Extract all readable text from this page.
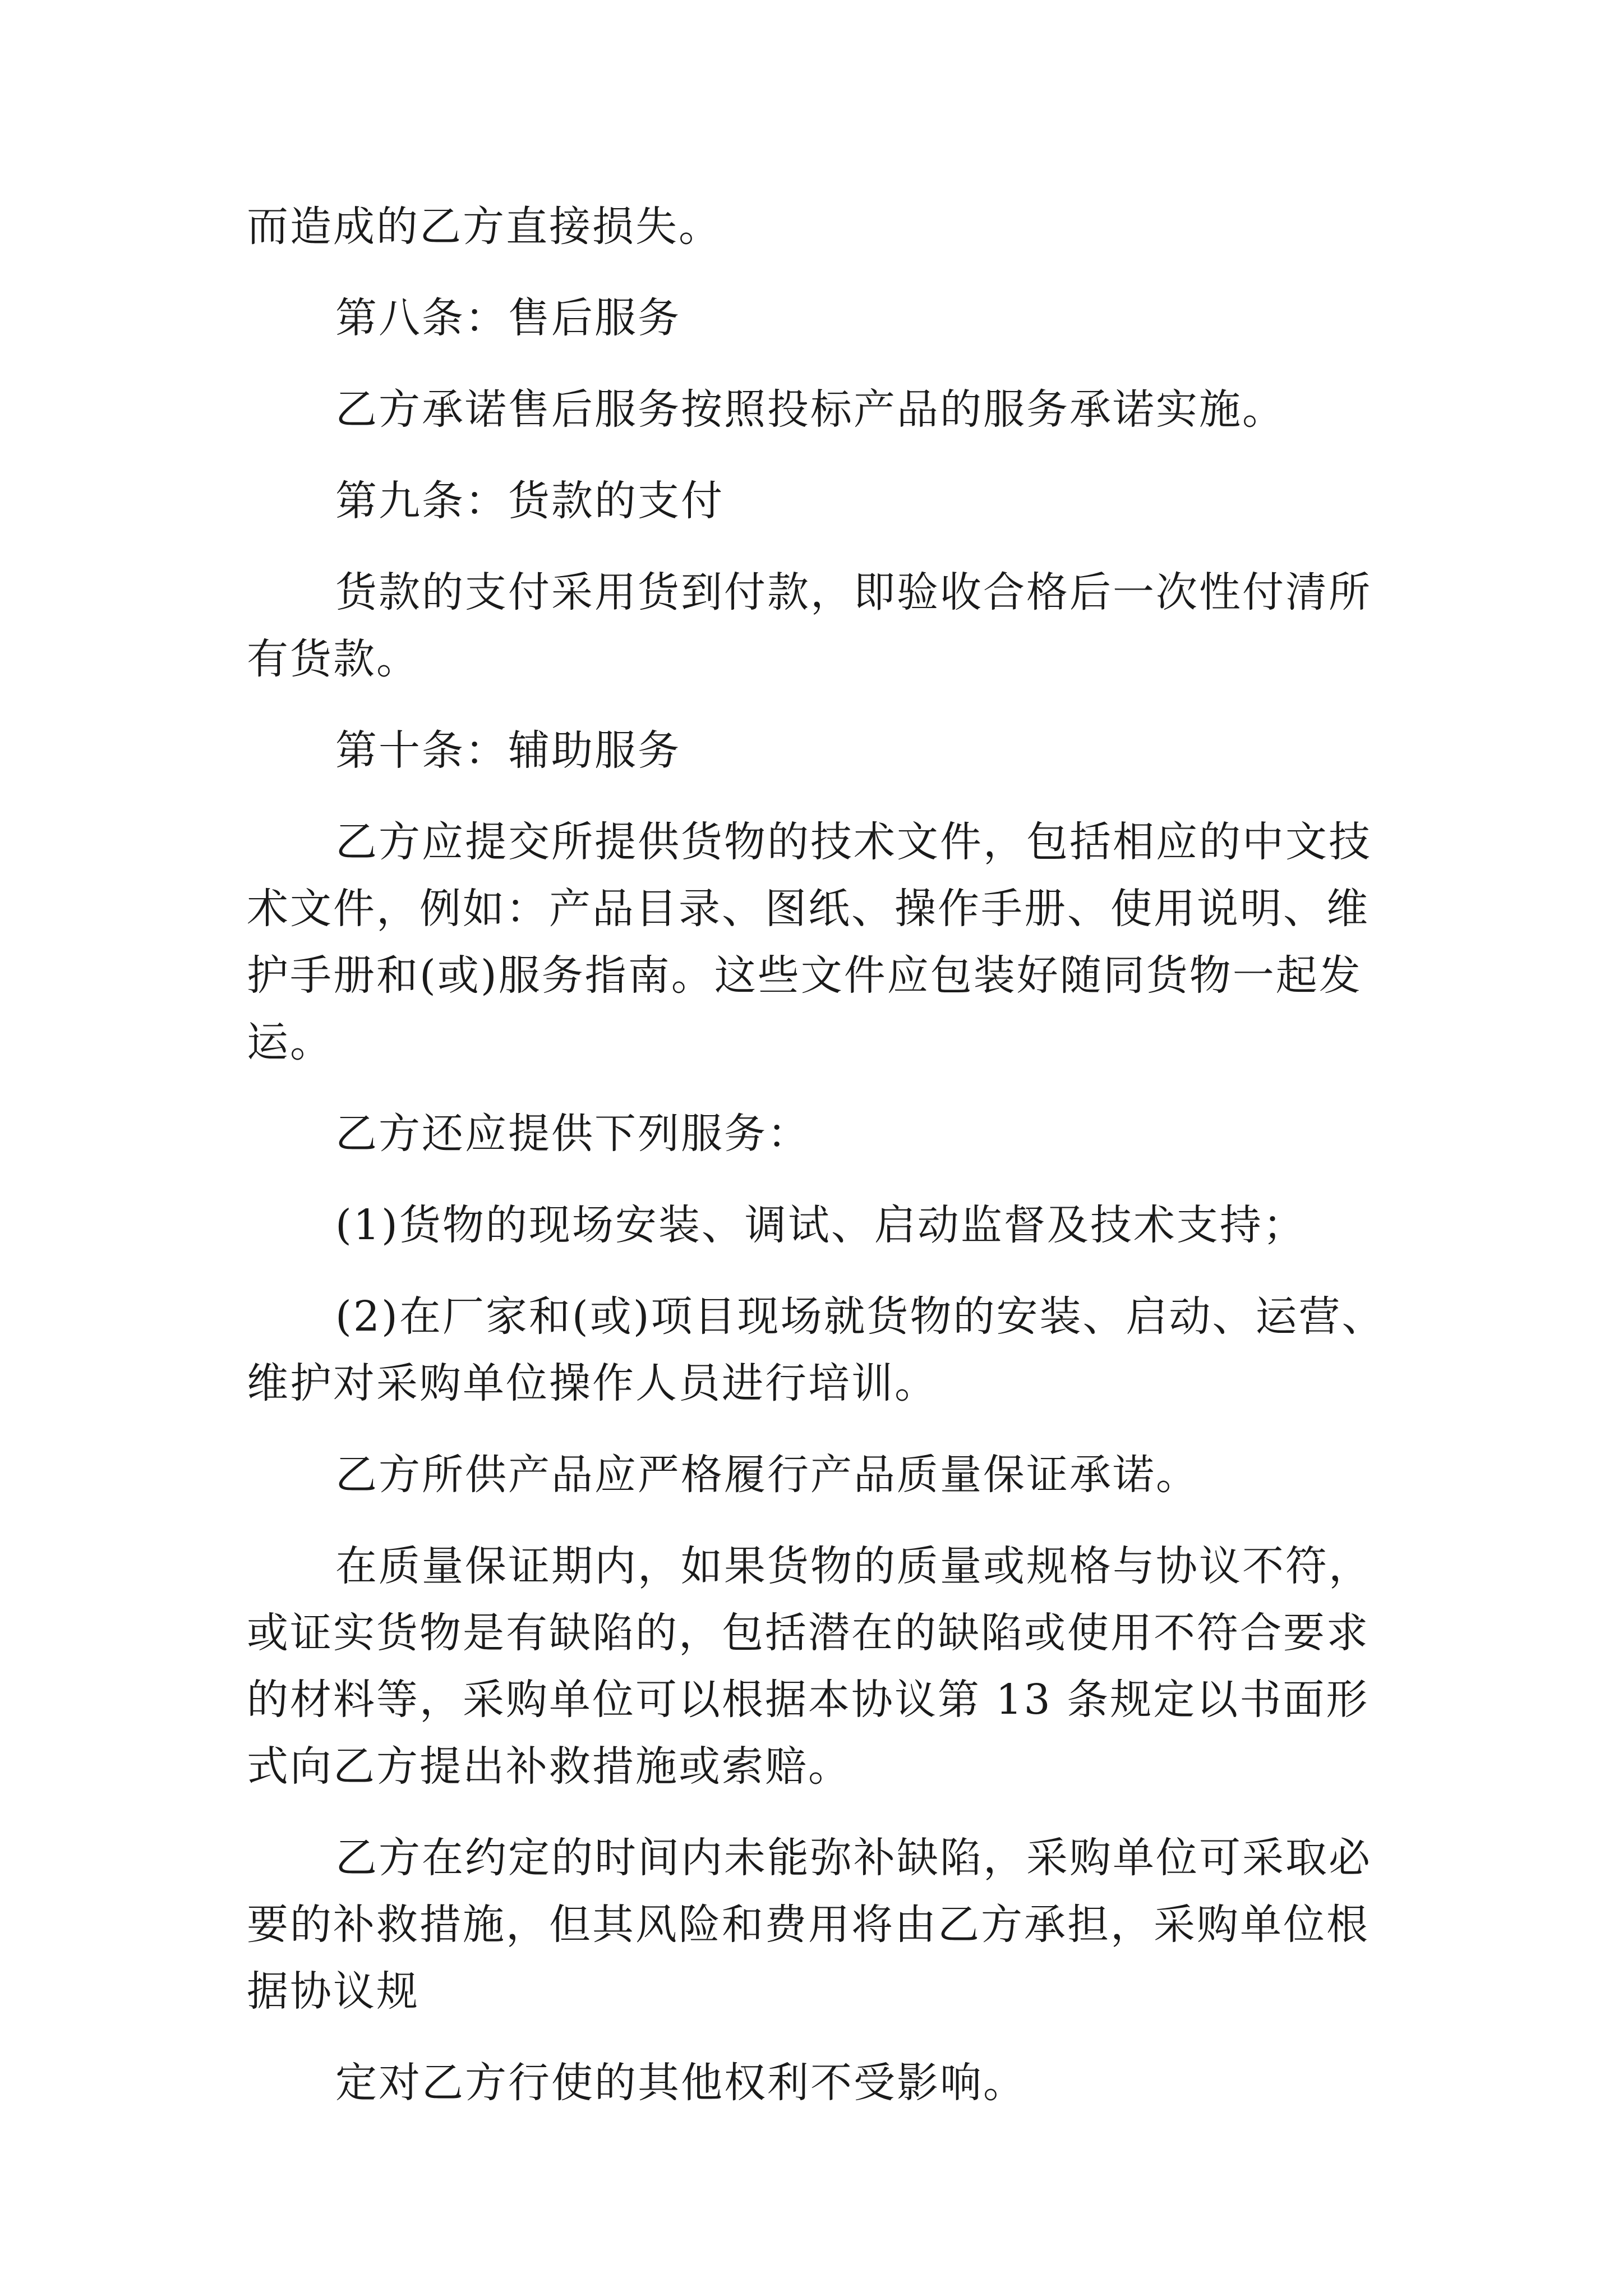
而造成的乙方直接损失。
第八条：售后服务
乙方承诺售后服务按照投标产品的服务承诺实施。
第九条：货款的支付
货款的支付采用货到付款，即验收合格后一次性付清所
有货款。
第十条：辅助服务
乙方应提交所提供货物的技术文件，包括相应的中文技
术文件，例如：产品目录、图纸、操作手册、使用说明、维
护手册和(或)服务指南。这些文件应包装好随同货物一起发
运。
乙方还应提供下列服务：
(1)货物的现场安装、调试、启动监督及技术支持；
(2)在厂家和(或)项目现场就货物的安装、启动、运营、
维护对采购单位操作人员进行培训。
乙方所供产品应严格履行产品质量保证承诺。
在质量保证期内，如果货物的质量或规格与协议不符，
或证实货物是有缺陷的，包括潜在的缺陷或使用不符合要求
的材料等，采购单位可以根据本协议第 13 条规定以书面形
式向乙方提出补救措施或索赔。
乙方在约定的时间内未能弥补缺陷，采购单位可采取必
要的补救措施，但其风险和费用将由乙方承担，采购单位根
据协议规
定对乙方行使的其他权利不受影响。
